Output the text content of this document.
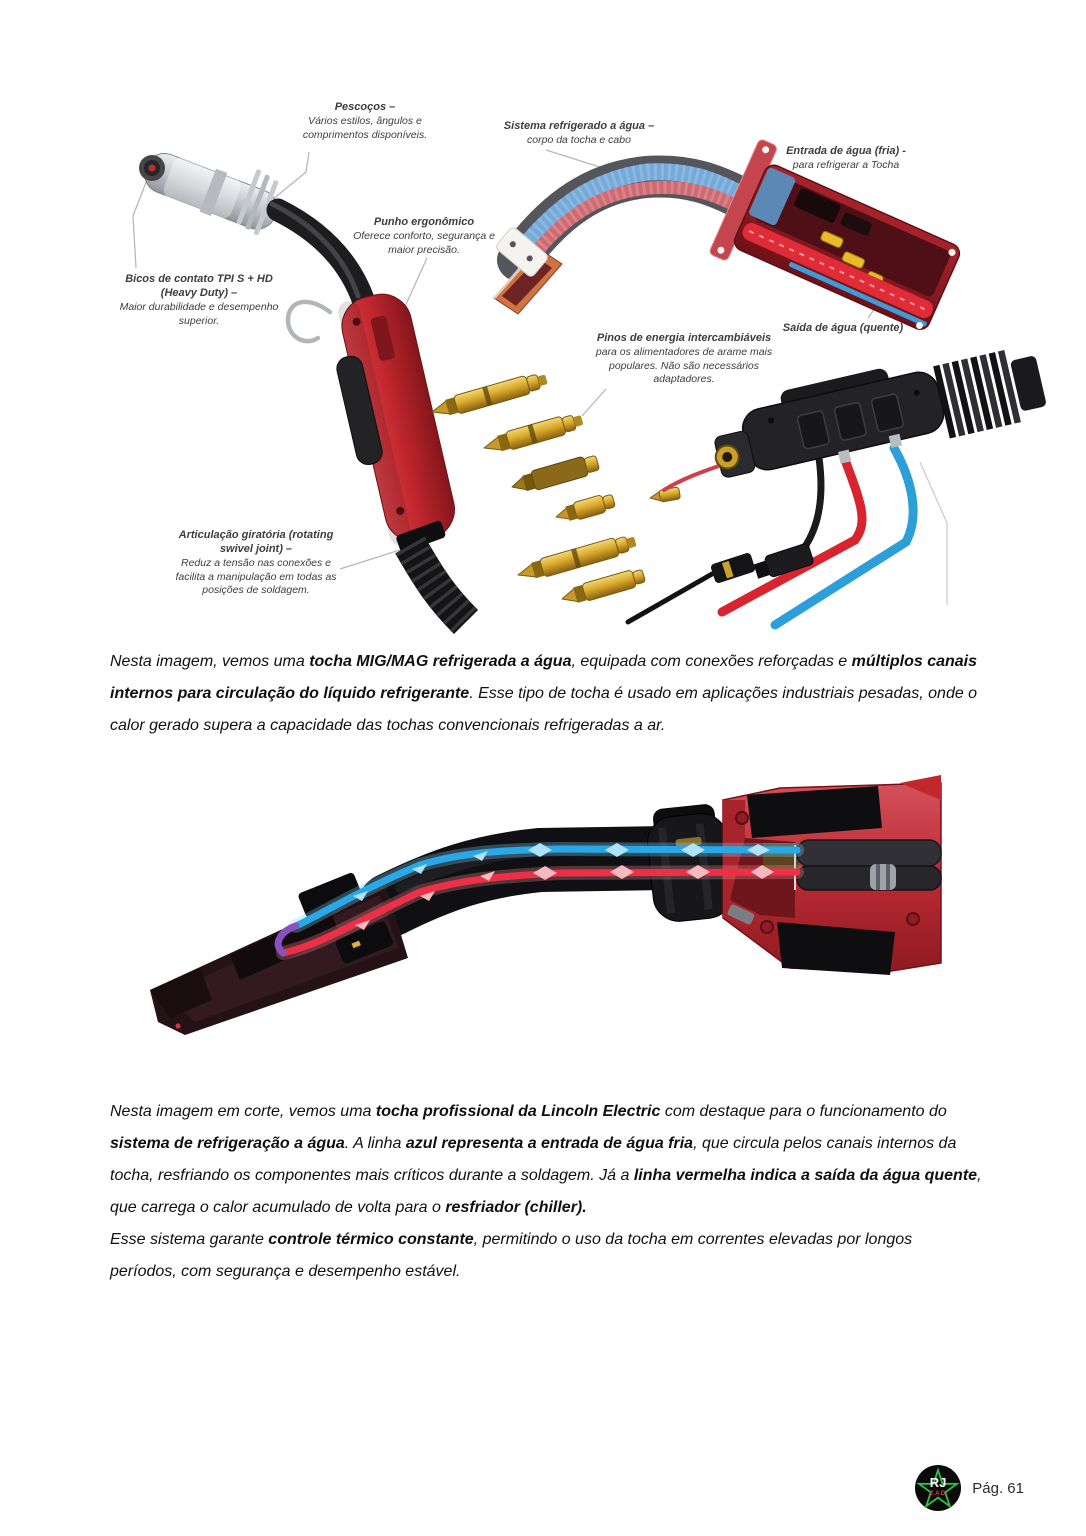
Pescoços –
Vários estilos, ângulos e comprimentos disponíveis.
Sistema refrigerado a água –
corpo da tocha e cabo
Entrada de água (fria) -
para refrigerar a Tocha
Punho ergonômico
Oferece conforto, segurança e maior precisão.
Bicos de contato TPI S + HD (Heavy Duty) –
Maior durabilidade e desempenho superior.
Pinos de energia intercambiáveis
para os alimentadores de arame mais populares. Não são necessários adaptadores.
Saída de água (quente)
Articulação giratória (rotating swivel joint) –
Reduz a tensão nas conexões e facilita a manipulação em todas as posições de soldagem.

Nesta imagem, vemos uma tocha MIG/MAG refrigerada a água, equipada com conexões reforçadas e múltiplos canais internos para circulação do líquido refrigerante. Esse tipo de tocha é usado em aplicações industriais pesadas, onde o calor gerado supera a capacidade das tochas convencionais refrigeradas a ar.

Nesta imagem em corte, vemos uma tocha profissional da Lincoln Electric com destaque para o funcionamento do sistema de refrigeração a água. A linha azul representa a entrada de água fria, que circula pelos canais internos da tocha, resfriando os componentes mais críticos durante a soldagem. Já a linha vermelha indica a saída da água quente, que carrega o calor acumulado de volta para o resfriador (chiller).

Esse sistema garante controle térmico constante, permitindo o uso da tocha em correntes elevadas por longos períodos, com segurança e desempenho estável.

RJ
CAD Pág. 61
